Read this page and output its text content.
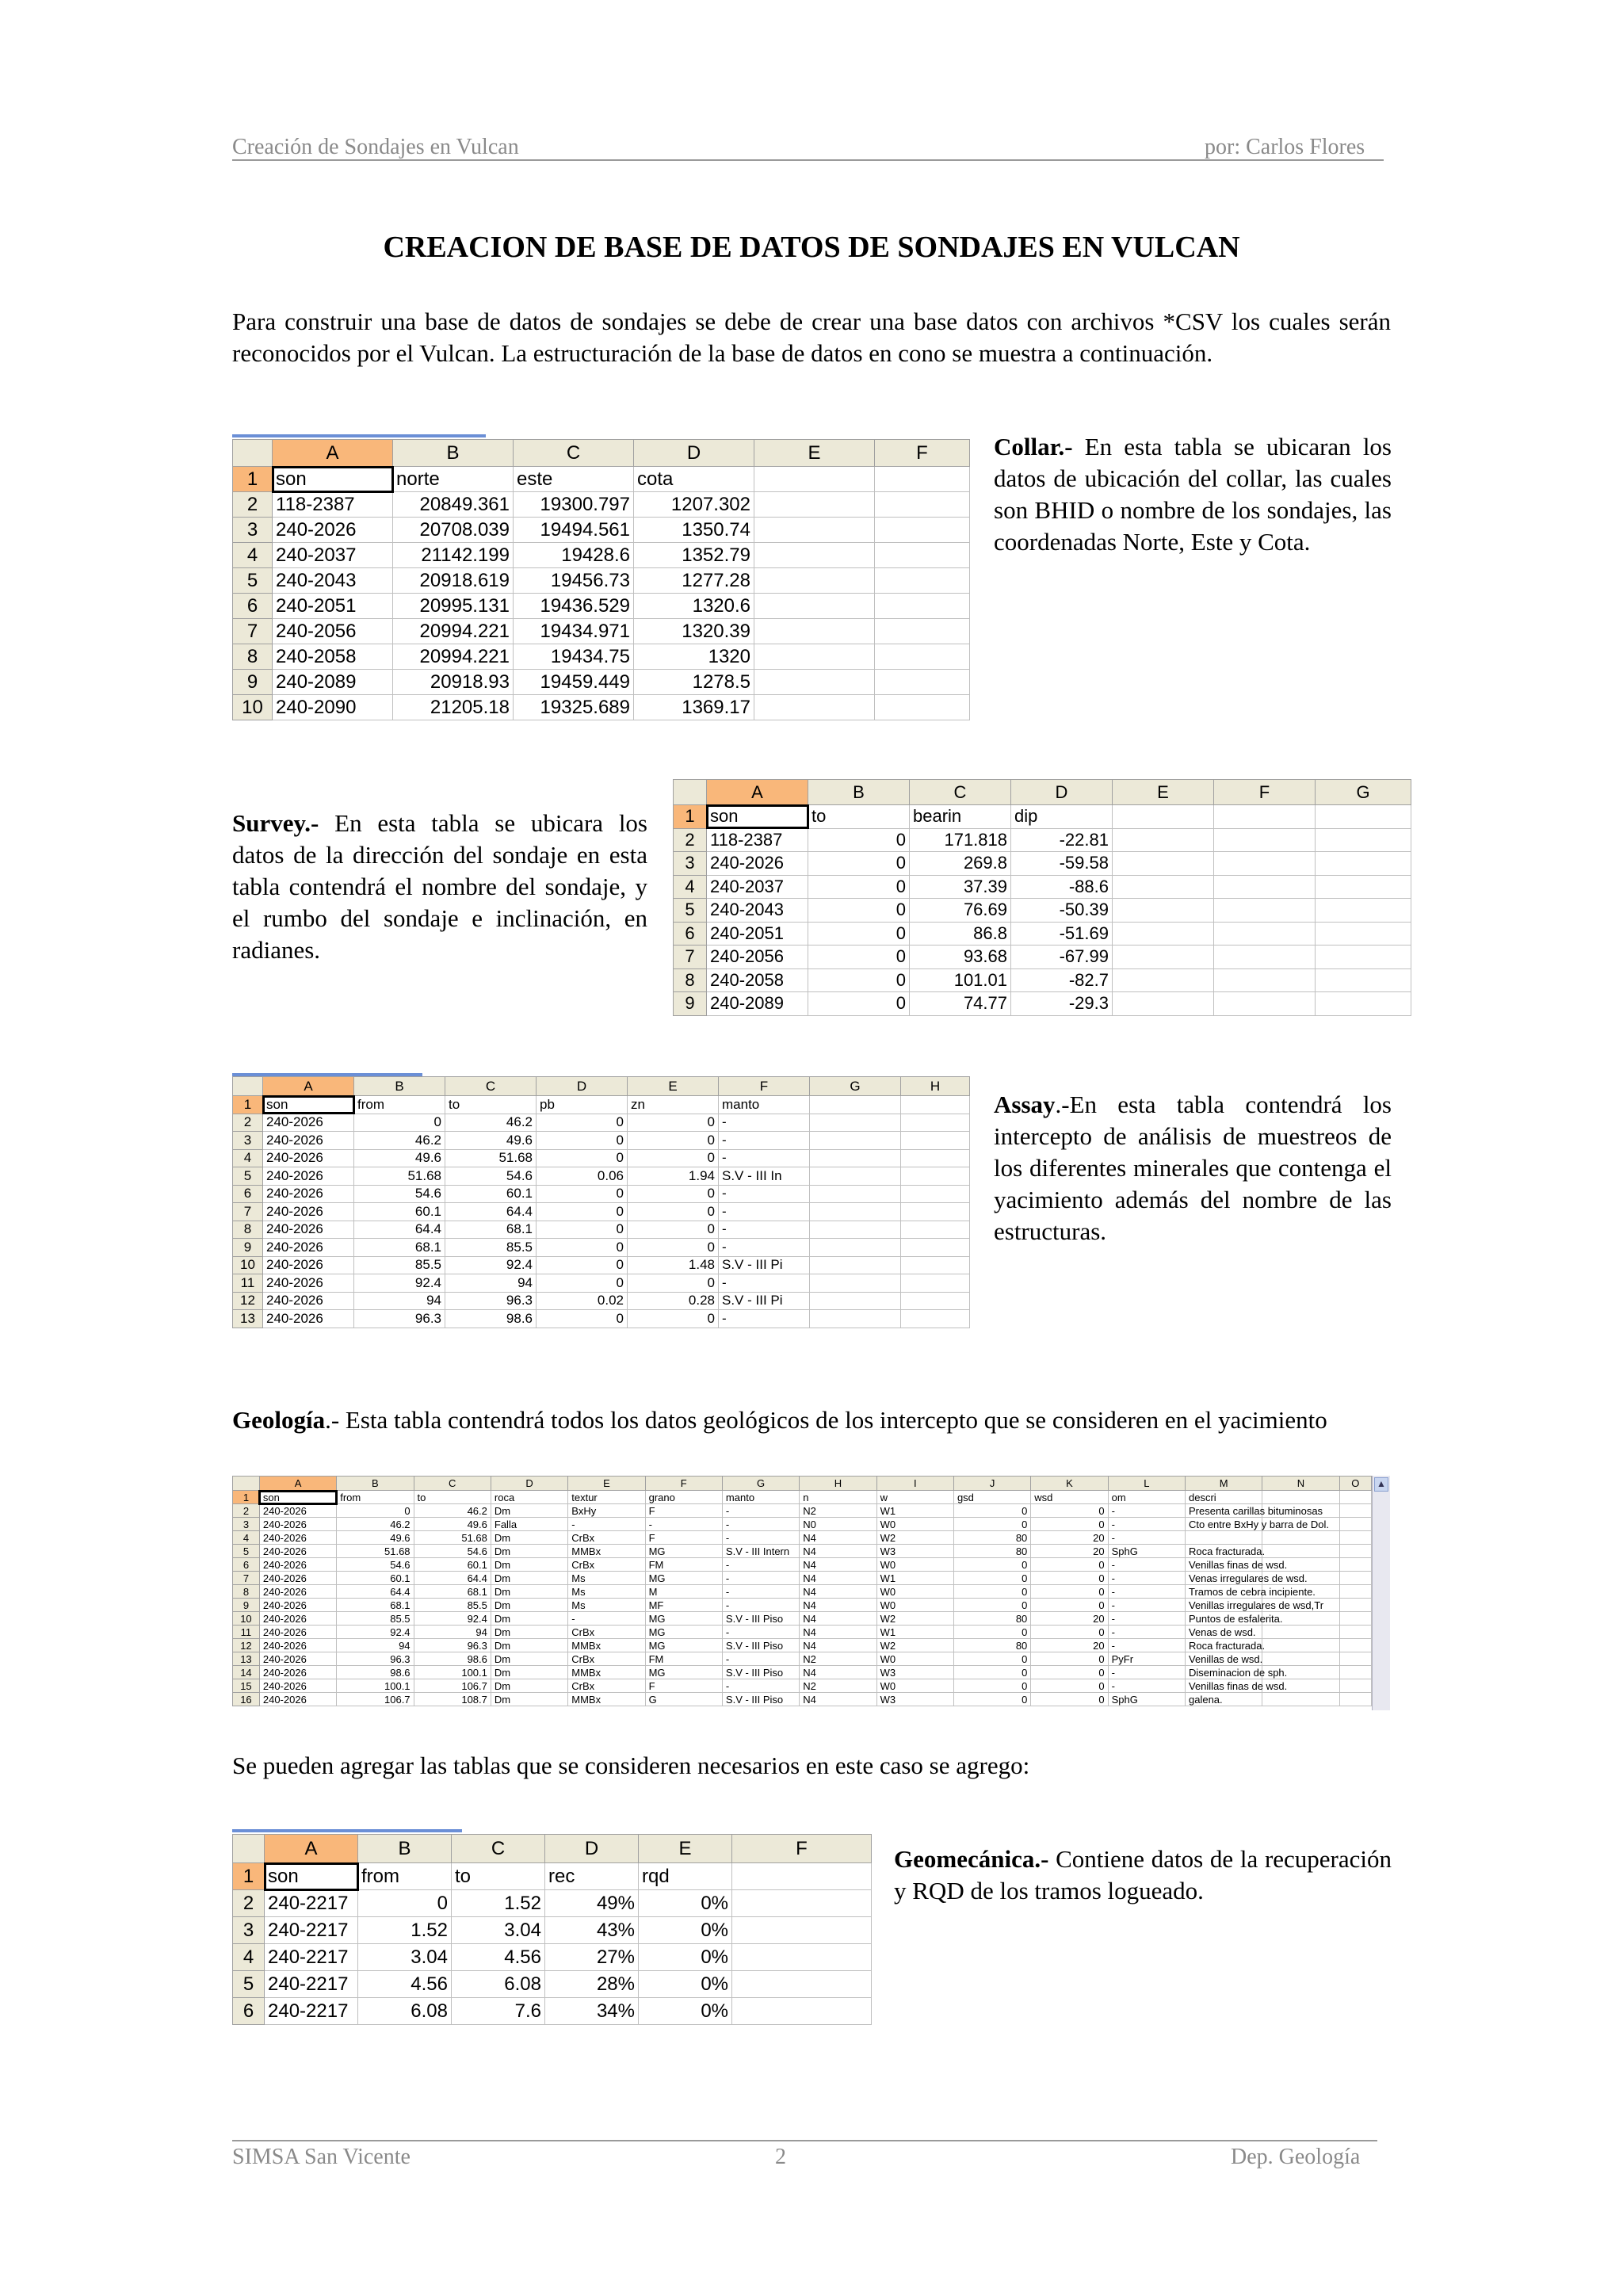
Creación de Sondajes en Vulcan	por: Carlos Flores
CREACION DE BASE DE DATOS DE SONDAJES EN VULCAN
Para construir una base de datos de sondajes se debe de crear una base datos con archivos *CSV los cuales serán reconocidos por el Vulcan. La estructuración de la base de datos en cono se muestra a continuación.
	A	B	C	D	E	F
1	son	norte	este	cota		
2	118-2387	20849.361	19300.797	1207.302		
3	240-2026	20708.039	19494.561	1350.74		
4	240-2037	21142.199	19428.6	1352.79		
5	240-2043	20918.619	19456.73	1277.28		
6	240-2051	20995.131	19436.529	1320.6		
7	240-2056	20994.221	19434.971	1320.39		
8	240-2058	20994.221	19434.75	1320		
9	240-2089	20918.93	19459.449	1278.5		
10	240-2090	21205.18	19325.689	1369.17		
Collar.- En esta tabla se ubicaran los datos de ubicación del collar, las cuales son BHID o nombre de los sondajes, las coordenadas Norte, Este y Cota.
Survey.- En esta tabla se ubicara los datos de la dirección del sondaje en esta tabla contendrá el nombre del sondaje, y el rumbo del sondaje e inclinación, en radianes.
	A	B	C	D	E	F	G
1	son	to	bearin	dip			
2	118-2387	0	171.818	-22.81			
3	240-2026	0	269.8	-59.58			
4	240-2037	0	37.39	-88.6			
5	240-2043	0	76.69	-50.39			
6	240-2051	0	86.8	-51.69			
7	240-2056	0	93.68	-67.99			
8	240-2058	0	101.01	-82.7			
9	240-2089	0	74.77	-29.3			
	A	B	C	D	E	F	G	H
1	son	from	to	pb	zn	manto		
2	240-2026	0	46.2	0	0	-		
3	240-2026	46.2	49.6	0	0	-		
4	240-2026	49.6	51.68	0	0	-		
5	240-2026	51.68	54.6	0.06	1.94	S.V - III In		
6	240-2026	54.6	60.1	0	0	-		
7	240-2026	60.1	64.4	0	0	-		
8	240-2026	64.4	68.1	0	0	-		
9	240-2026	68.1	85.5	0	0	-		
10	240-2026	85.5	92.4	0	1.48	S.V - III Pi		
11	240-2026	92.4	94	0	0	-		
12	240-2026	94	96.3	0.02	0.28	S.V - III Pi		
13	240-2026	96.3	98.6	0	0	-		
Assay.-En esta tabla contendrá los intercepto de análisis de muestreos de los diferentes minerales que contenga el yacimiento además del nombre de las estructuras.
Geología.- Esta tabla contendrá todos los datos geológicos de los intercepto que se consideren en el yacimiento
	A	B	C	D	E	F	G	H	I	J	K	L	M	N	O
1	son	from	to	roca	textur	grano	manto	n	w	gsd	wsd	om	descri		
2	240-2026	0	46.2	Dm	BxHy	F	-	N2	W1	0	0	-	Presenta carillas bituminosas		
3	240-2026	46.2	49.6	Falla	-	-	-	N0	W0	0	0	-	Cto entre BxHy y barra de Dol.		
4	240-2026	49.6	51.68	Dm	CrBx	F	-	N4	W2	80	20	-			
5	240-2026	51.68	54.6	Dm	MMBx	MG	S.V - III Intern	N4	W3	80	20	SphG	Roca fracturada.		
6	240-2026	54.6	60.1	Dm	CrBx	FM	-	N4	W0	0	0	-	Venillas finas de wsd.		
7	240-2026	60.1	64.4	Dm	Ms	MG	-	N4	W1	0	0	-	Venas irregulares de wsd.		
8	240-2026	64.4	68.1	Dm	Ms	M	-	N4	W0	0	0	-	Tramos de cebra incipiente.		
9	240-2026	68.1	85.5	Dm	Ms	MF	-	N4	W0	0	0	-	Venillas irregulares de wsd,Tr		
10	240-2026	85.5	92.4	Dm	-	MG	S.V - III Piso	N4	W2	80	20	-	Puntos de esfalerita.		
11	240-2026	92.4	94	Dm	CrBx	MG	-	N4	W1	0	0	-	Venas de wsd.		
12	240-2026	94	96.3	Dm	MMBx	MG	S.V - III Piso	N4	W2	80	20	-	Roca fracturada.		
13	240-2026	96.3	98.6	Dm	CrBx	FM	-	N2	W0	0	0	PyFr	Venillas de wsd.		
14	240-2026	98.6	100.1	Dm	MMBx	MG	S.V - III Piso	N4	W3	0	0	-	Diseminacion de sph.		
15	240-2026	100.1	106.7	Dm	CrBx	F	-	N2	W0	0	0	-	Venillas finas de wsd.		
16	240-2026	106.7	108.7	Dm	MMBx	G	S.V - III Piso	N4	W3	0	0	SphG	galena.		
▲
Se pueden agregar las tablas que se consideren necesarios en este caso se agrego:
	A	B	C	D	E	F
1	son	from	to	rec	rqd	
2	240-2217	0	1.52	49%	0%	
3	240-2217	1.52	3.04	43%	0%	
4	240-2217	3.04	4.56	27%	0%	
5	240-2217	4.56	6.08	28%	0%	
6	240-2217	6.08	7.6	34%	0%	
Geomecánica.- Contiene datos de la recuperación y RQD de los tramos logueado.
SIMSA San Vicente	2	Dep. Geología
